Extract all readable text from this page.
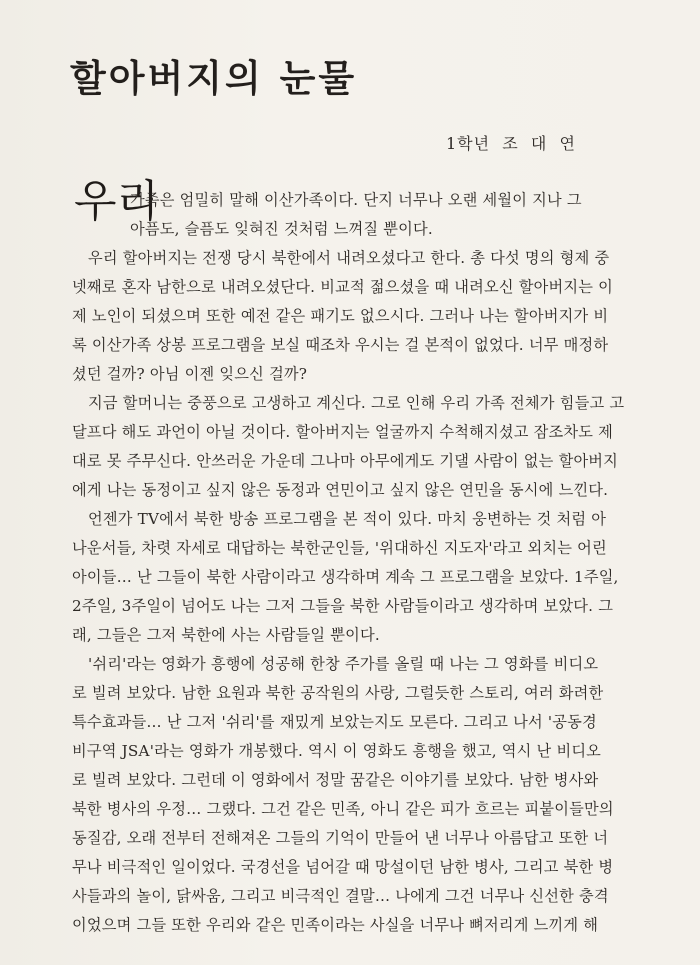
할아버지의 눈물
1학년  조  대  연
우리
가족은 엄밀히 말해 이산가족이다. 단지 너무나 오랜 세월이 지나 그
아픔도, 슬픔도 잊혀진 것처럼 느껴질 뿐이다.
우리 할아버지는 전쟁 당시 북한에서 내려오셨다고 한다. 총 다섯 명의 형제 중
넷째로 혼자 남한으로 내려오셨단다. 비교적 젊으셨을 때 내려오신 할아버지는 이
제 노인이 되셨으며 또한 예전 같은 패기도 없으시다. 그러나 나는 할아버지가 비
록 이산가족 상봉 프로그램을 보실 때조차 우시는 걸 본적이 없었다. 너무 매정하
셨던 걸까? 아님 이젠 잊으신 걸까?
지금 할머니는 중풍으로 고생하고 계신다. 그로 인해 우리 가족 전체가 힘들고 고
달프다 해도 과언이 아닐 것이다. 할아버지는 얼굴까지 수척해지셨고 잠조차도 제
대로 못 주무신다. 안쓰러운 가운데 그나마 아무에게도 기댈 사람이 없는 할아버지
에게 나는 동정이고 싶지 않은 동정과 연민이고 싶지 않은 연민을 동시에 느낀다.
언젠가 TV에서 북한 방송 프로그램을 본 적이 있다. 마치 웅변하는 것 처럼 아
나운서들, 차렷 자세로 대답하는 북한군인들, '위대하신 지도자'라고 외치는 어린
아이들… 난 그들이 북한 사람이라고 생각하며 계속 그 프로그램을 보았다. 1주일,
2주일, 3주일이 넘어도 나는 그저 그들을 북한 사람들이라고 생각하며 보았다. 그
래, 그들은 그저 북한에 사는 사람들일 뿐이다.
'쉬리'라는 영화가 흥행에 성공해 한창 주가를 올릴 때 나는 그 영화를 비디오
로 빌려 보았다. 남한 요원과 북한 공작원의 사랑, 그럴듯한 스토리, 여러 화려한
특수효과들… 난 그저 '쉬리'를 재밌게 보았는지도 모른다. 그리고 나서 '공동경
비구역 JSA'라는 영화가 개봉했다. 역시 이 영화도 흥행을 했고, 역시 난 비디오
로 빌려 보았다. 그런데 이 영화에서 정말 꿈같은 이야기를 보았다. 남한 병사와
북한 병사의 우정… 그랬다. 그건 같은 민족, 아니 같은 피가 흐르는 피붙이들만의
동질감, 오래 전부터 전해져온 그들의 기억이 만들어 낸 너무나 아름답고 또한 너
무나 비극적인 일이었다. 국경선을 넘어갈 때 망설이던 남한 병사, 그리고 북한 병
사들과의 놀이, 닭싸움, 그리고 비극적인 결말… 나에게 그건 너무나 신선한 충격
이었으며 그들 또한 우리와 같은 민족이라는 사실을 너무나 뼈저리게 느끼게 해
